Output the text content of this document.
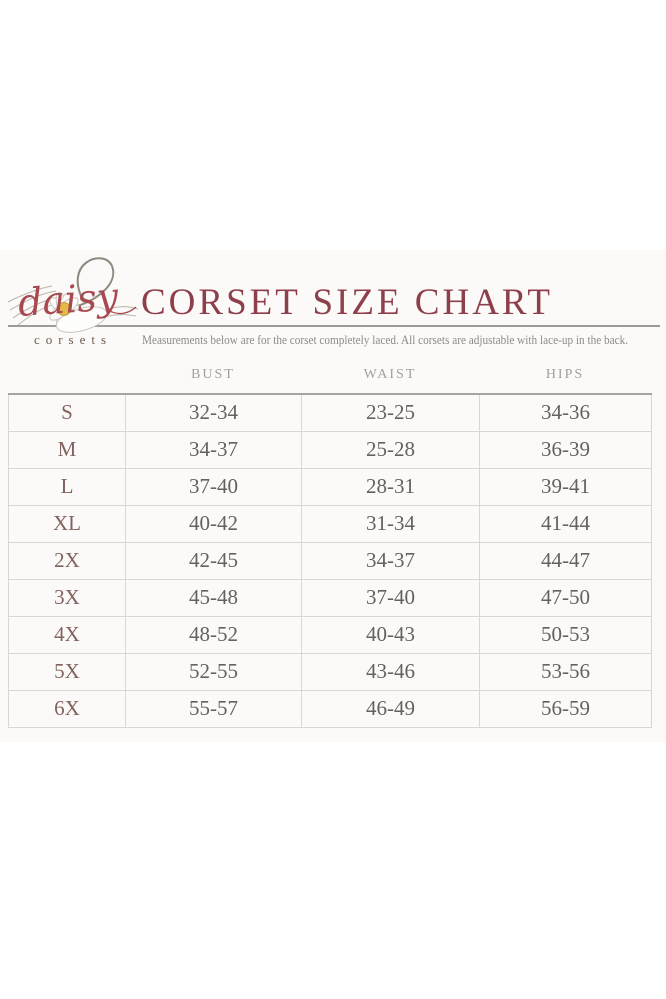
daisy
corsets
CORSET SIZE CHART
Measurements below are for the corset completely laced. All corsets are adjustable with lace-up in the back.
BUST	WAIST	HIPS
S	32-34	23-25	34-36
M	34-37	25-28	36-39
L	37-40	28-31	39-41
XL	40-42	31-34	41-44
2X	42-45	34-37	44-47
3X	45-48	37-40	47-50
4X	48-52	40-43	50-53
5X	52-55	43-46	53-56
6X	55-57	46-49	56-59
